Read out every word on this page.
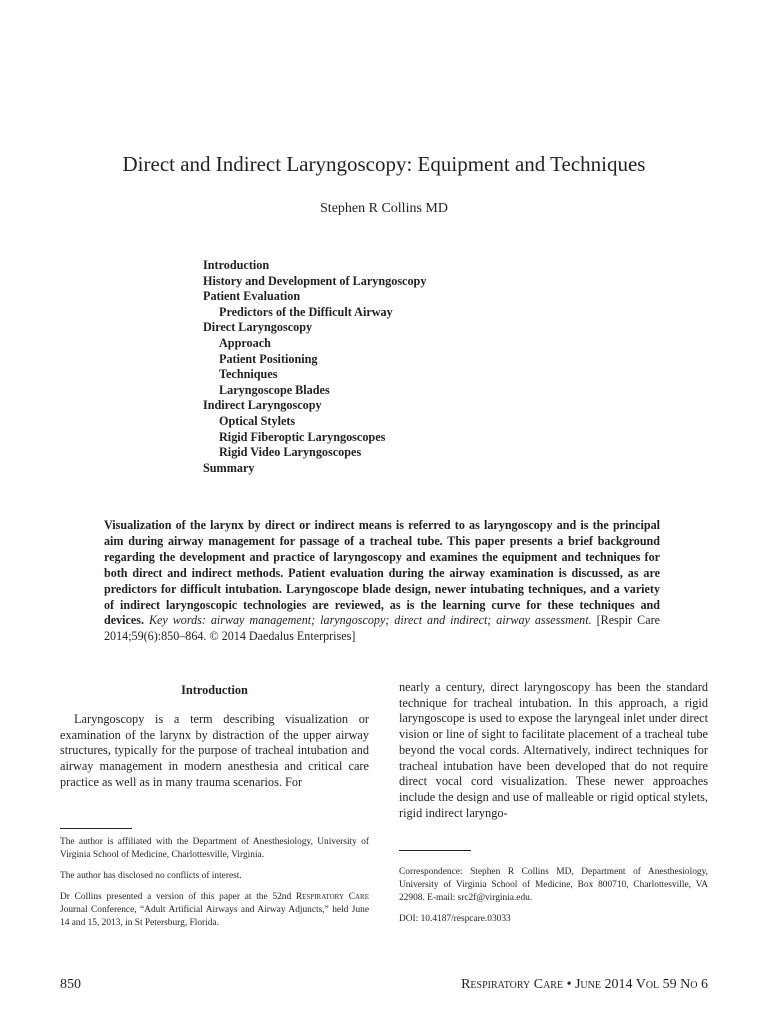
Direct and Indirect Laryngoscopy: Equipment and Techniques
Stephen R Collins MD
Introduction
History and Development of Laryngoscopy
Patient Evaluation
Predictors of the Difficult Airway
Direct Laryngoscopy
Approach
Patient Positioning
Techniques
Laryngoscope Blades
Indirect Laryngoscopy
Optical Stylets
Rigid Fiberoptic Laryngoscopes
Rigid Video Laryngoscopes
Summary
Visualization of the larynx by direct or indirect means is referred to as laryngoscopy and is the principal aim during airway management for passage of a tracheal tube. This paper presents a brief background regarding the development and practice of laryngoscopy and examines the equipment and techniques for both direct and indirect methods. Patient evaluation during the airway examination is discussed, as are predictors for difficult intubation. Laryngoscope blade design, newer intubating techniques, and a variety of indirect laryngoscopic technologies are reviewed, as is the learning curve for these techniques and devices. Key words: airway management; laryngoscopy; direct and indirect; airway assessment. [Respir Care 2014;59(6):850–864. © 2014 Daedalus Enterprises]
Introduction
Laryngoscopy is a term describing visualization or examination of the larynx by distraction of the upper airway structures, typically for the purpose of tracheal intubation and airway management in modern anesthesia and critical care practice as well as in many trauma scenarios. For
nearly a century, direct laryngoscopy has been the standard technique for tracheal intubation. In this approach, a rigid laryngoscope is used to expose the laryngeal inlet under direct vision or line of sight to facilitate placement of a tracheal tube beyond the vocal cords. Alternatively, indirect techniques for tracheal intubation have been developed that do not require direct vocal cord visualization. These newer approaches include the design and use of malleable or rigid optical stylets, rigid indirect laryngo-

The author is affiliated with the Department of Anesthesiology, University of Virginia School of Medicine, Charlottesville, Virginia.

The author has disclosed no conflicts of interest.

Dr Collins presented a version of this paper at the 52nd Respiratory Care Journal Conference, “Adult Artificial Airways and Airway Adjuncts,” held June 14 and 15, 2013, in St Petersburg, Florida.

Correspondence: Stephen R Collins MD, Department of Anesthesiology, University of Virginia School of Medicine, Box 800710, Charlottesville, VA 22908. E-mail: src2f@virginia.edu.

DOI: 10.4187/respcare.03033

850	Respiratory Care • June 2014 Vol 59 No 6
